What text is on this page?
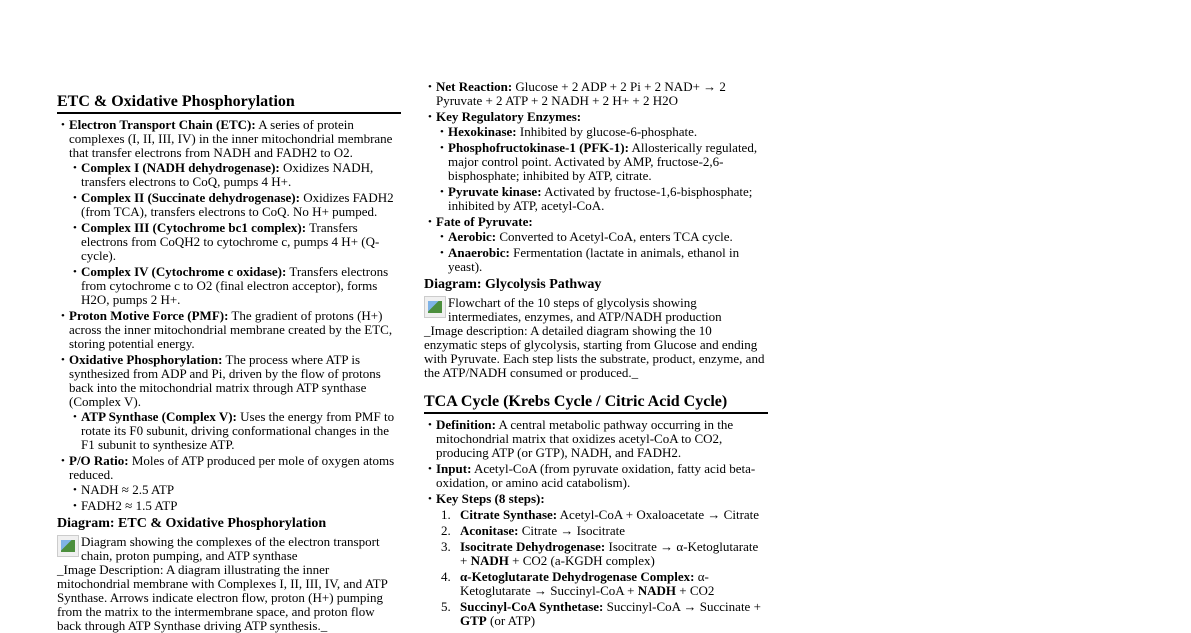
ETC & Oxidative Phosphorylation
• Electron Transport Chain (ETC): A series of protein complexes (I, II, III, IV) in the inner mitochondrial membrane that transfer electrons from NADH and FADH2 to O2.
• Complex I (NADH dehydrogenase): Oxidizes NADH, transfers electrons to CoQ, pumps 4 H+.
• Complex II (Succinate dehydrogenase): Oxidizes FADH2 (from TCA), transfers electrons to CoQ. No H+ pumped.
• Complex III (Cytochrome bc1 complex): Transfers electrons from CoQH2 to cytochrome c, pumps 4 H+ (Q-cycle).
• Complex IV (Cytochrome c oxidase): Transfers electrons from cytochrome c to O2 (final electron acceptor), forms H2O, pumps 2 H+.
• Proton Motive Force (PMF): The gradient of protons (H+) across the inner mitochondrial membrane created by the ETC, storing potential energy.
• Oxidative Phosphorylation: The process where ATP is synthesized from ADP and Pi, driven by the flow of protons back into the mitochondrial matrix through ATP synthase (Complex V).
• ATP Synthase (Complex V): Uses the energy from PMF to rotate its F0 subunit, driving conformational changes in the F1 subunit to synthesize ATP.
• P/O Ratio: Moles of ATP produced per mole of oxygen atoms reduced.
• NADH ≈ 2.5 ATP
• FADH2 ≈ 1.5 ATP
Diagram: ETC & Oxidative Phosphorylation
Diagram showing the complexes of the electron transport chain, proton pumping, and ATP synthase

_Image Description: A diagram illustrating the inner mitochondrial membrane with Complexes I, II, III, IV, and ATP Synthase. Arrows indicate electron flow, proton (H+) pumping from the matrix to the intermembrane space, and proton flow back through ATP Synthase driving ATP synthesis._

• Net Reaction: Glucose + 2 ADP + 2 Pi + 2 NAD+ → 2 Pyruvate + 2 ATP + 2 NADH + 2 H+ + 2 H2O
• Key Regulatory Enzymes:
• Hexokinase: Inhibited by glucose-6-phosphate.
• Phosphofructokinase-1 (PFK-1): Allosterically regulated, major control point. Activated by AMP, fructose-2,6-bisphosphate; inhibited by ATP, citrate.
• Pyruvate kinase: Activated by fructose-1,6-bisphosphate; inhibited by ATP, acetyl-CoA.
• Fate of Pyruvate:
• Aerobic: Converted to Acetyl-CoA, enters TCA cycle.
• Anaerobic: Fermentation (lactate in animals, ethanol in yeast).
Diagram: Glycolysis Pathway
Flowchart of the 10 steps of glycolysis showing intermediates, enzymes, and ATP/NADH production

_Image description: A detailed diagram showing the 10 enzymatic steps of glycolysis, starting from Glucose and ending with Pyruvate. Each step lists the substrate, product, enzyme, and the ATP/NADH consumed or produced._

TCA Cycle (Krebs Cycle / Citric Acid Cycle)
• Definition: A central metabolic pathway occurring in the mitochondrial matrix that oxidizes acetyl-CoA to CO2, producing ATP (or GTP), NADH, and FADH2.
• Input: Acetyl-CoA (from pyruvate oxidation, fatty acid beta-oxidation, or amino acid catabolism).
• Key Steps (8 steps):
1. Citrate Synthase: Acetyl-CoA + Oxaloacetate → Citrate
2. Aconitase: Citrate → Isocitrate
3. Isocitrate Dehydrogenase: Isocitrate → α-Ketoglutarate + NADH + CO2 (a-KGDH complex)
4. α-Ketoglutarate Dehydrogenase Complex: α-Ketoglutarate → Succinyl-CoA + NADH + CO2
5. Succinyl-CoA Synthetase: Succinyl-CoA → Succinate + GTP (or ATP)
